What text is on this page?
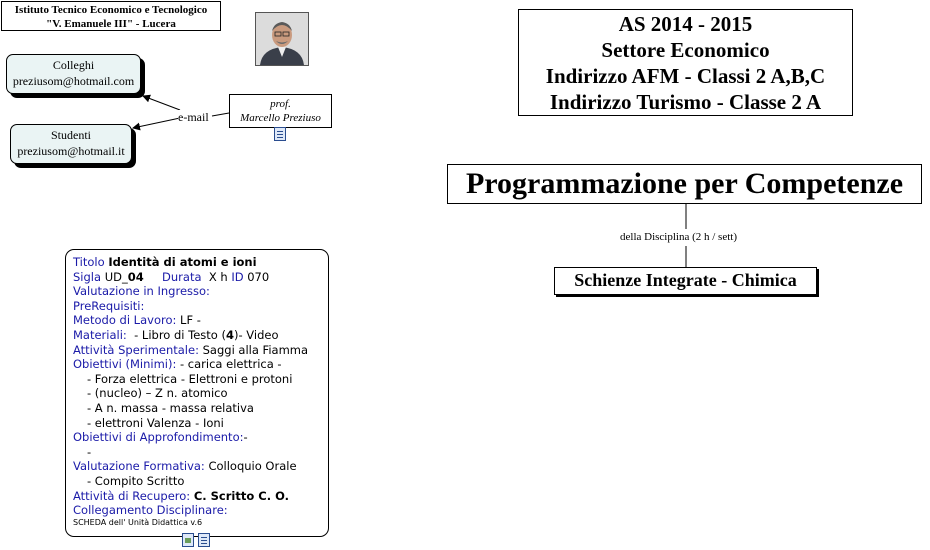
Istituto Tecnico Economico e Tecnologico
"V. Emanuele III" - Lucera
Colleghi
preziusom@hotmail.com
Studenti
preziusom@hotmail.it
e-mail
prof.
Marcello Preziuso
Titolo Identità di atomi e ioni
Sigla UD_04 Durata X h ID 070
Valutazione in Ingresso:
PreRequisiti:
Metodo di Lavoro: LF -
Materiali: - Libro di Testo (4)- Video
Attività Sperimentale: Saggi alla Fiamma
Obiettivi (Minimi): - carica elettrica -
- Forza elettrica - Elettroni e protoni
- (nucleo) – Z n. atomico
- A n. massa - massa relativa
- elettroni Valenza - Ioni
Obiettivi di Approfondimento:-
-
Valutazione Formativa: Colloquio Orale
- Compito Scritto
Attività di Recupero: C. Scritto C. O.
Collegamento Disciplinare:
SCHEDA dell' Unità Didattica v.6
AS 2014 - 2015
Settore Economico
Indirizzo AFM - Classi 2 A,B,C
Indirizzo Turismo - Classe 2 A
Programmazione per Competenze
della Disciplina (2 h / sett)
Schienze Integrate - Chimica
